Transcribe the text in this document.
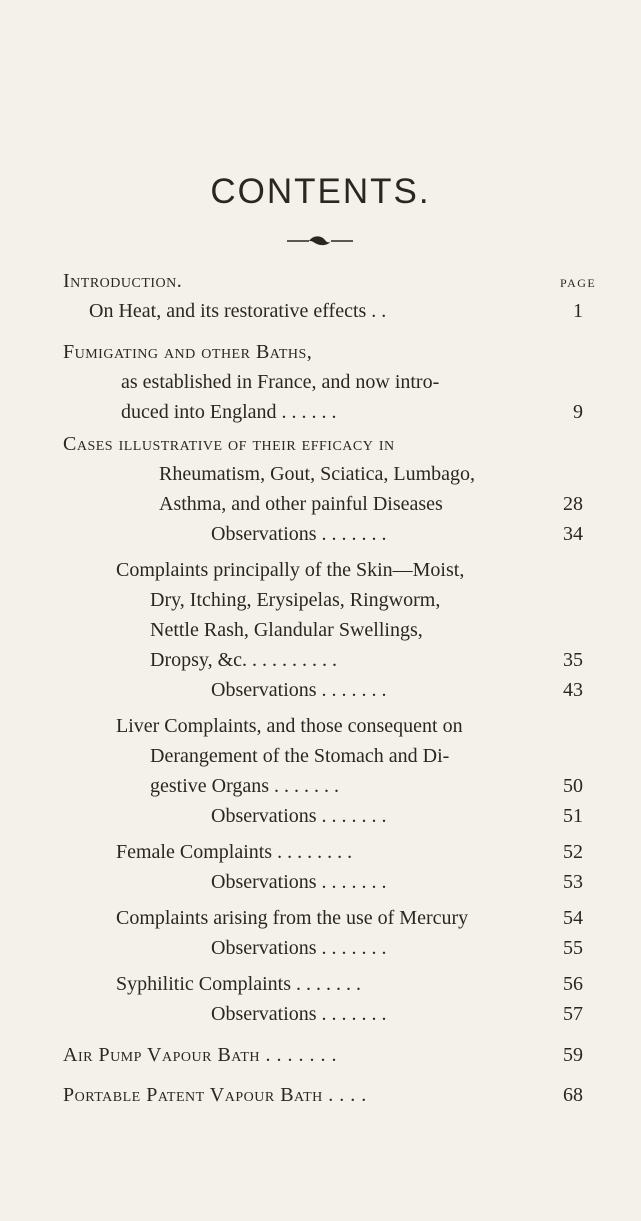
CONTENTS.
PAGE
Introduction.
On Heat, and its restorative effects . .	1
Fumigating and other Baths,
as established in France, and now intro-
duced into England . . . . . .	9
Cases illustrative of their efficacy in
Rheumatism, Gout, Sciatica, Lumbago,
Asthma, and other painful Diseases	28
Observations . . . . . . .	34
Complaints principally of the Skin—Moist,
Dry, Itching, Erysipelas, Ringworm,
Nettle Rash, Glandular Swellings,
Dropsy, &c. . . . . . . . . .	35
Observations . . . . . . .	43
Liver Complaints, and those consequent on
Derangement of the Stomach and Di-
gestive Organs . . . . . . .	50
Observations . . . . . . .	51
Female Complaints . . . . . . . .	52
Observations . . . . . . .	53
Complaints arising from the use of Mercury	54
Observations . . . . . . .	55
Syphilitic Complaints . . . . . . .	56
Observations . . . . . . .	57
Air Pump Vapour Bath . . . . . . .	59
Portable Patent Vapour Bath . . . .	68
